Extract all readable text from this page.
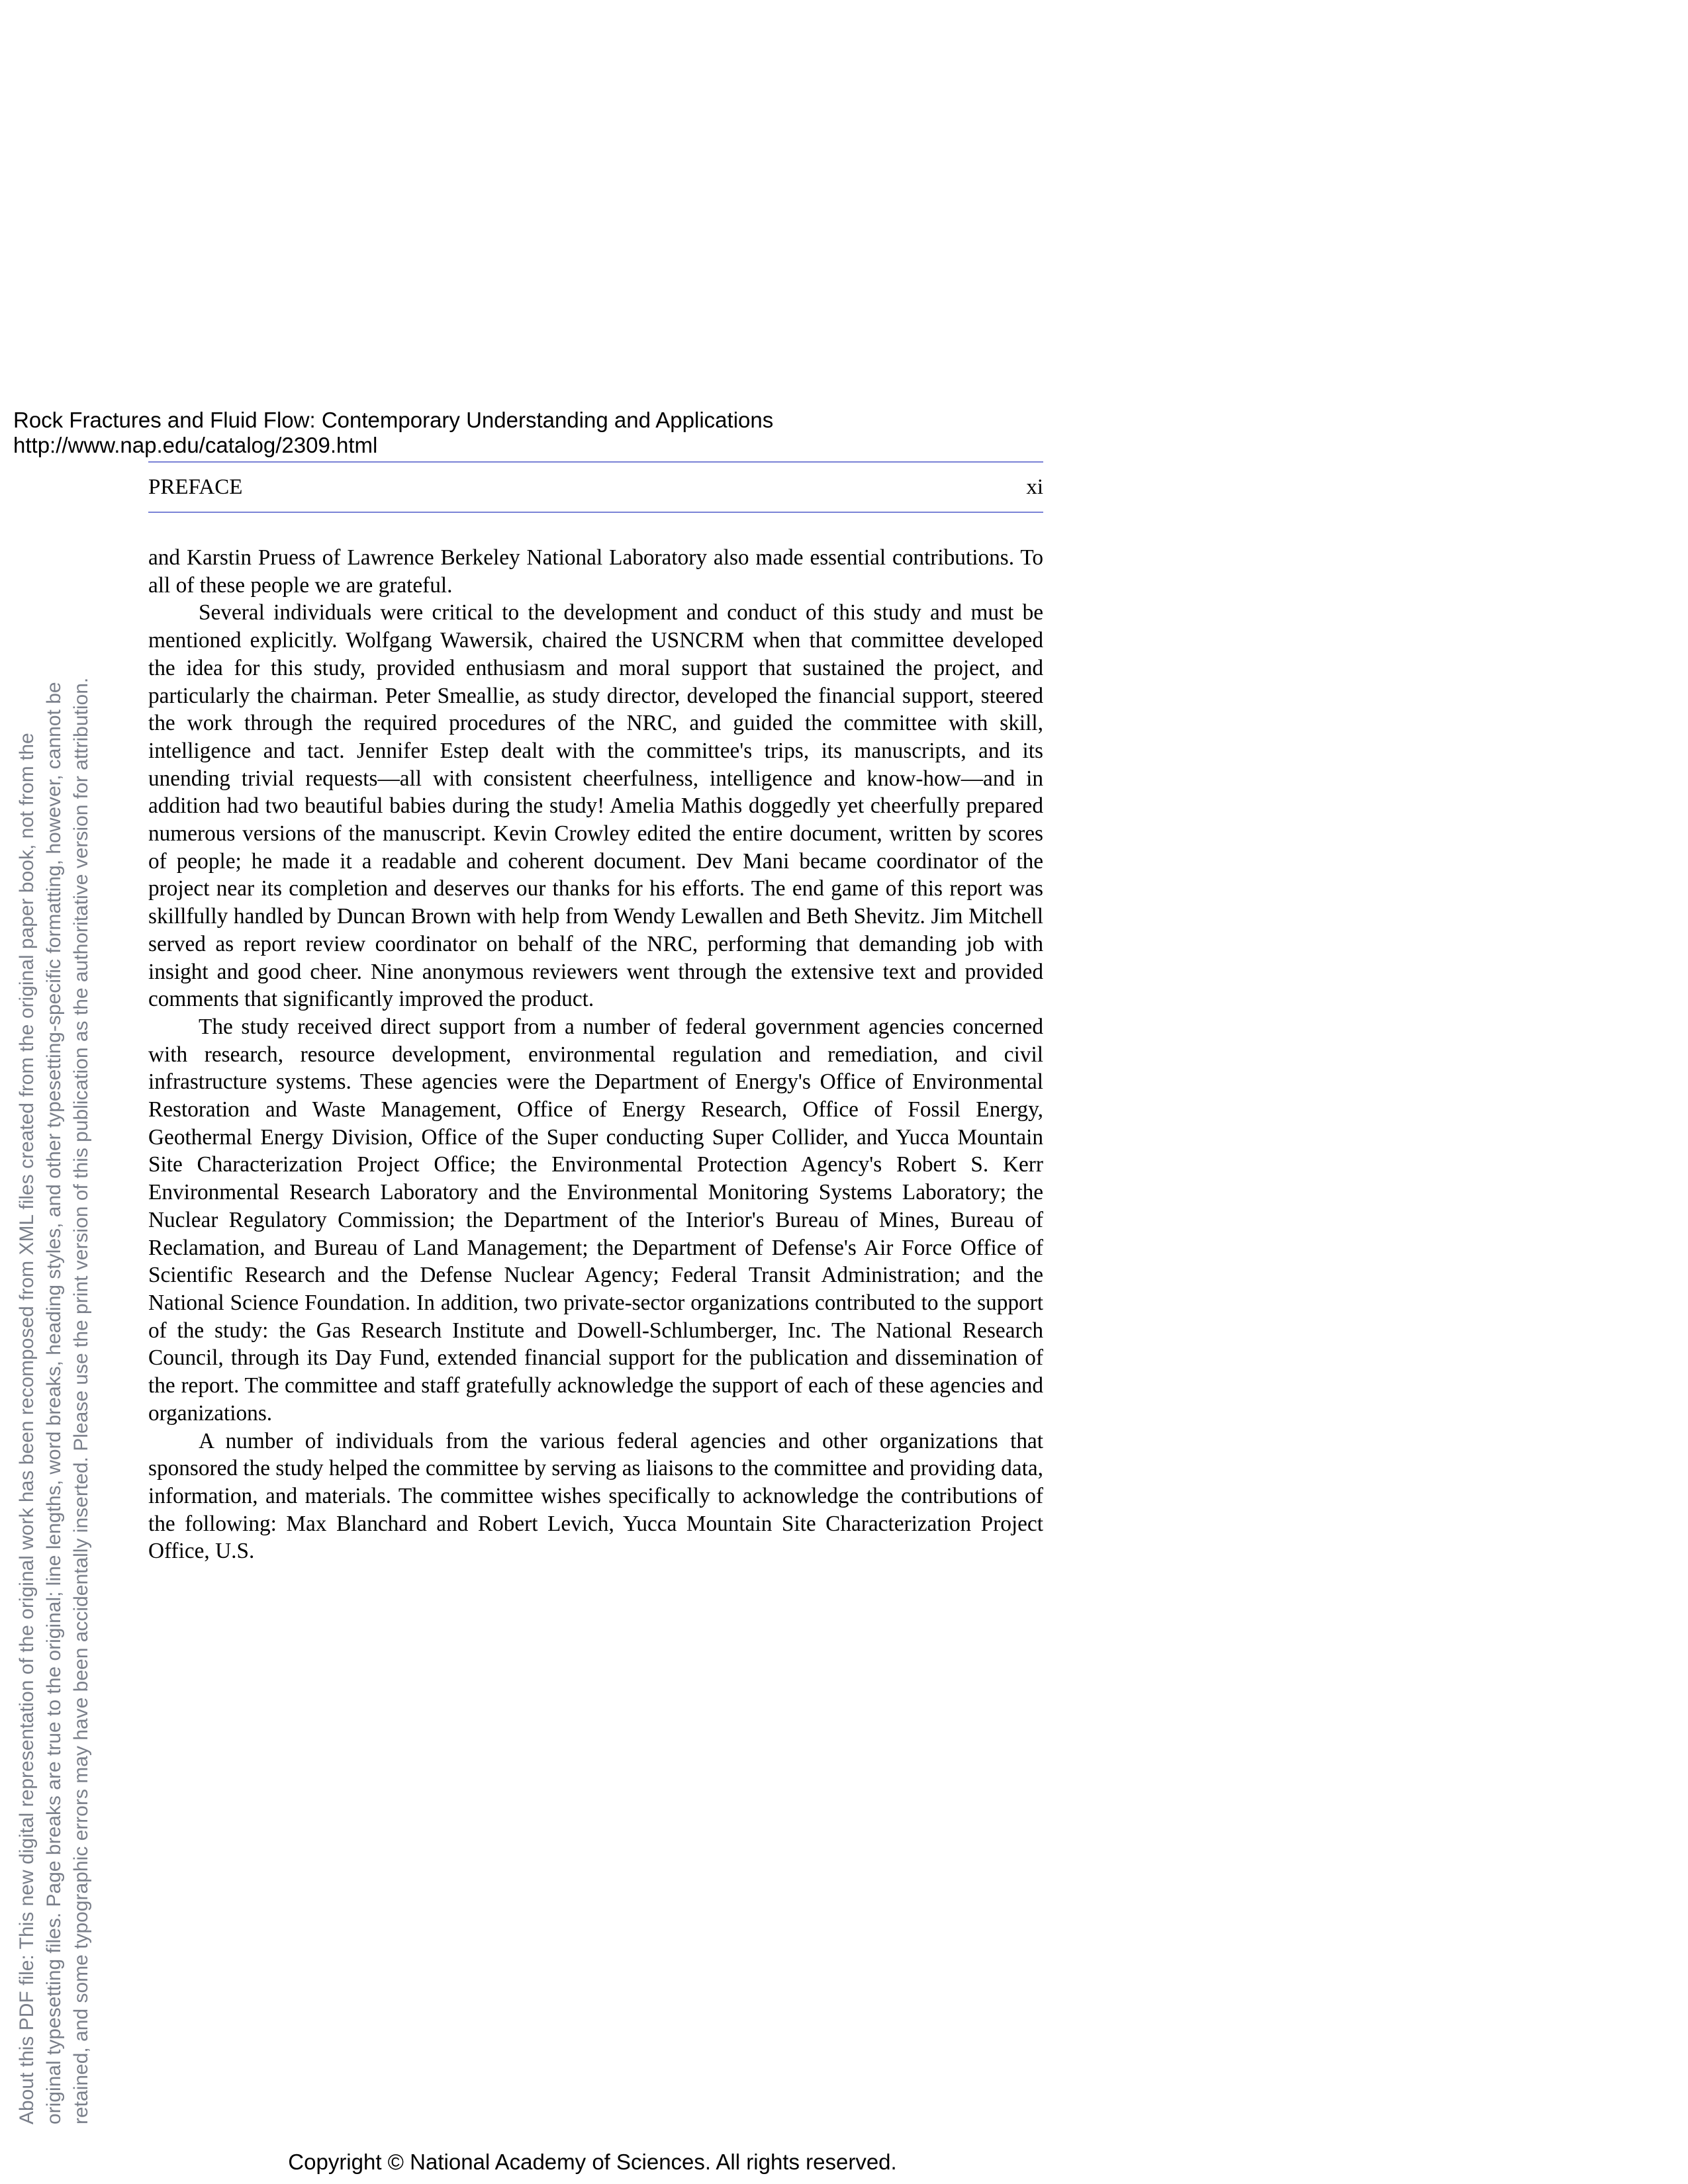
Rock Fractures and Fluid Flow: Contemporary Understanding and Applications
http://www.nap.edu/catalog/2309.html
PREFACE	xi

and Karstin Pruess of Lawrence Berkeley National Laboratory also made essential contributions. To all of these people we are grateful.

Several individuals were critical to the development and conduct of this study and must be mentioned explicitly. Wolfgang Wawersik, chaired the USNCRM when that committee developed the idea for this study, provided enthusiasm and moral support that sustained the project, and particularly the chairman. Peter Smeallie, as study director, developed the financial support, steered the work through the required procedures of the NRC, and guided the committee with skill, intelligence and tact. Jennifer Estep dealt with the committee's trips, its manuscripts, and its unending trivial requests—all with consistent cheerfulness, intelligence and know-how—and in addition had two beautiful babies during the study! Amelia Mathis doggedly yet cheerfully prepared numerous versions of the manuscript. Kevin Crowley edited the entire document, written by scores of people; he made it a readable and coherent document. Dev Mani became coordinator of the project near its completion and deserves our thanks for his efforts. The end game of this report was skillfully handled by Duncan Brown with help from Wendy Lewallen and Beth Shevitz. Jim Mitchell served as report review coordinator on behalf of the NRC, performing that demanding job with insight and good cheer. Nine anonymous reviewers went through the extensive text and provided comments that significantly improved the product.

The study received direct support from a number of federal government agencies concerned with research, resource development, environmental regulation and remediation, and civil infrastructure systems. These agencies were the Department of Energy's Office of Environmental Restoration and Waste Management, Office of Energy Research, Office of Fossil Energy, Geothermal Energy Division, Office of the Super conducting Super Collider, and Yucca Mountain Site Characterization Project Office; the Environmental Protection Agency's Robert S. Kerr Environmental Research Laboratory and the Environmental Monitoring Systems Laboratory; the Nuclear Regulatory Commission; the Department of the Interior's Bureau of Mines, Bureau of Reclamation, and Bureau of Land Management; the Department of Defense's Air Force Office of Scientific Research and the Defense Nuclear Agency; Federal Transit Administration; and the National Science Foundation. In addition, two private-sector organizations contributed to the support of the study: the Gas Research Institute and Dowell-Schlumberger, Inc. The National Research Council, through its Day Fund, extended financial support for the publication and dissemination of the report. The committee and staff gratefully acknowledge the support of each of these agencies and organizations.

A number of individuals from the various federal agencies and other organizations that sponsored the study helped the committee by serving as liaisons to the committee and providing data, information, and materials. The committee wishes specifically to acknowledge the contributions of the following: Max Blanchard and Robert Levich, Yucca Mountain Site Characterization Project Office, U.S.

About this PDF file: This new digital representation of the original work has been recomposed from XML files created from the original paper book, not from the original typesetting files. Page breaks are true to the original; line lengths, word breaks, heading styles, and other typesetting-specific formatting, however, cannot be retained, and some typographic errors may have been accidentally inserted. Please use the print version of this publication as the authoritative version for attribution.
Copyright © National Academy of Sciences. All rights reserved.
